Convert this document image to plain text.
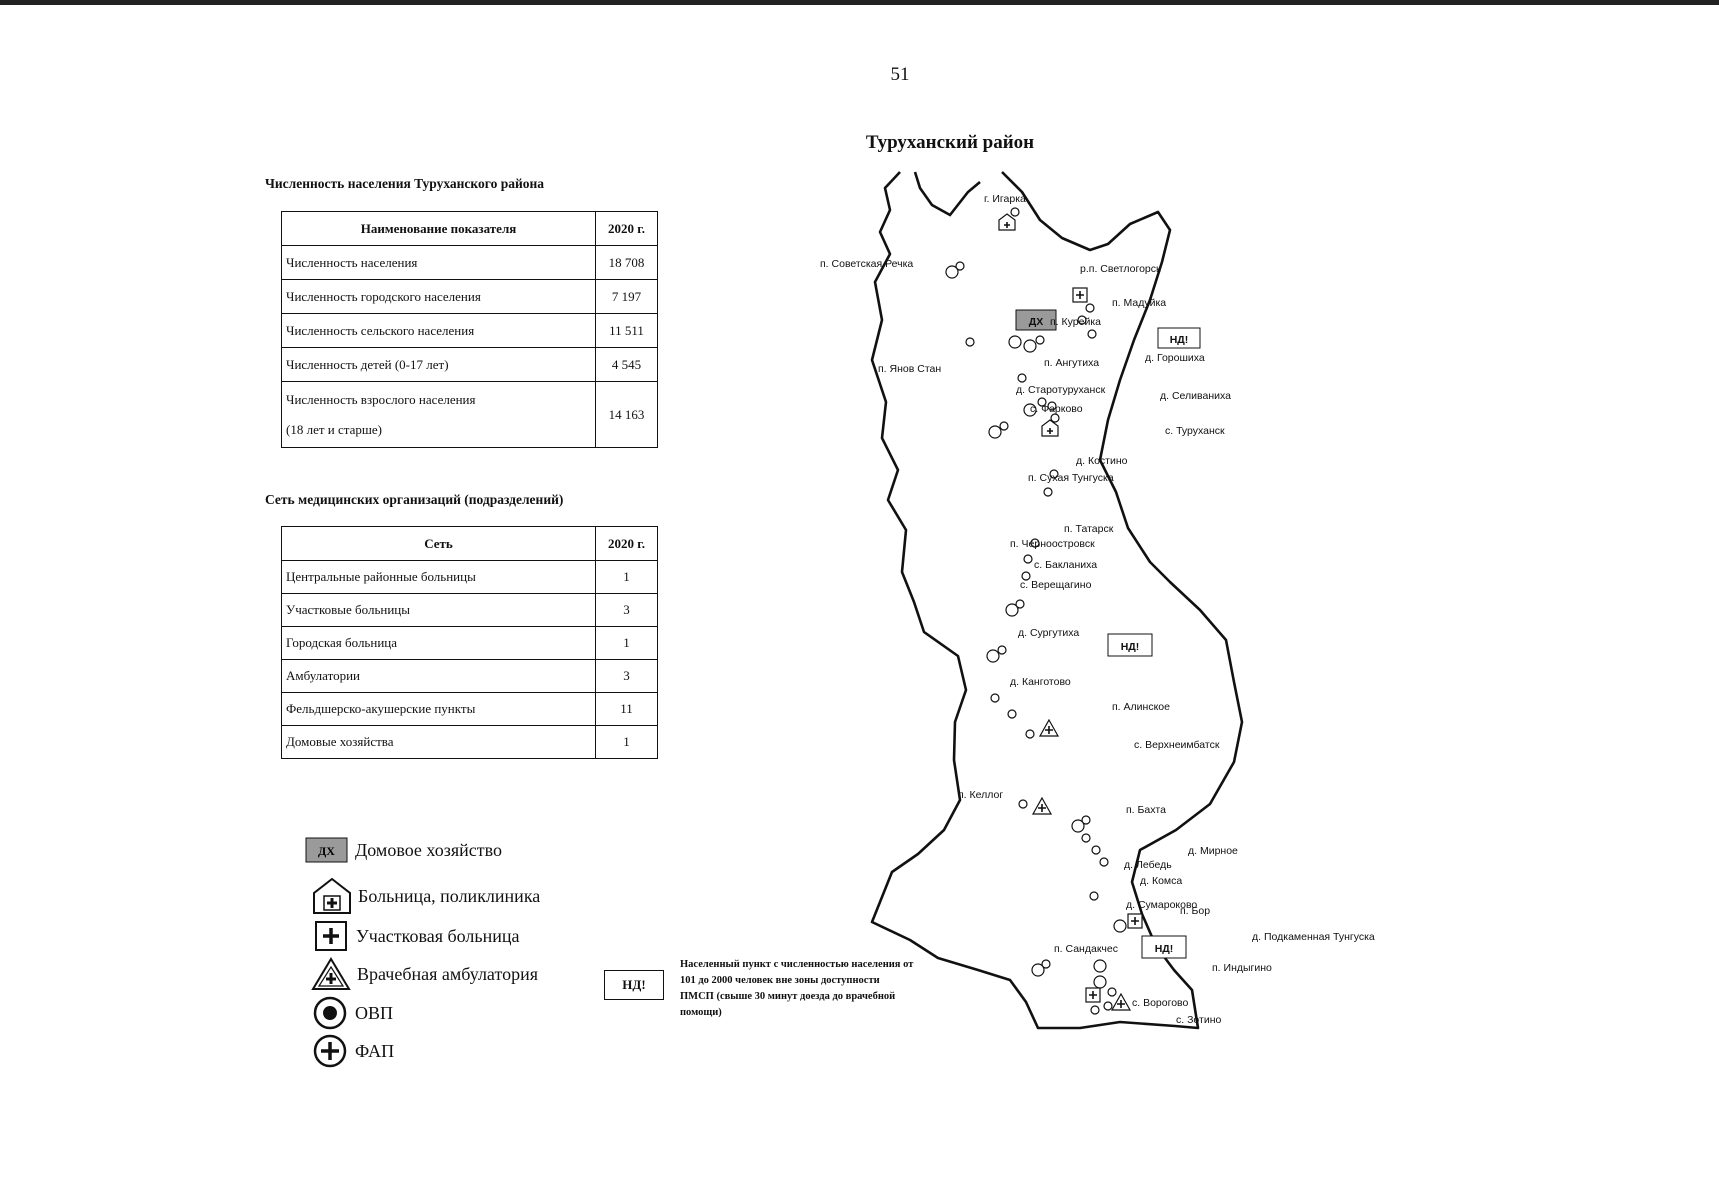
51
Туруханский район
Численность населения Туруханского района
Наименование показателя	2020 г.
Численность населения	18 708
Численность городского населения	7 197
Численность сельского населения	11 511
Численность детей (0-17 лет)	4 545

Численность взрослого населения
(18 лет и старше)	14 163
Сеть медицинских организаций (подразделений)
Сеть	2020 г.
Центральные районные больницы	1
Участковые больницы	3
Городская больница	1
Амбулатории	3
Фельдшерско-акушерские пункты	11
Домовые хозяйства	1
ДХ Домовое хозяйство
Больница, поликлиника
Участковая больница
Врачебная амбулатория
ОВП
ФАП
НД!
Населенный пункт с численностью населения от 101 до 2000 человек вне зоны доступности ПМСП (свыше 30 минут доезда до врачебной помощи)
ДХ
НД!
НД!
НД!
г. Игарка
п. Советская Речка	р.п. Светлогорск
п. Мадуйка
п. Курейка
п. Янов Стан	п. Ангутиха	д. Горошиха
д. Старотуруханск	д. Селиваниха
с. Фарково
с. Туруханск
д. Костино
п. Сухая Тунгуска
п. Татарск
п. Черноостровск
с. Бакланиха
с. Верещагино
д. Сургутиха
д. Канготово
п. Алинское
с. Верхнеимбатск
п. Келлог
п. Бахта
д. Мирное
д. Лебедь
д. Комса
д. Сумароково
п. Бор
д. Подкаменная Тунгуска
п. Сандакчес
п. Индыгино
с. Ворогово
с. Зотино
